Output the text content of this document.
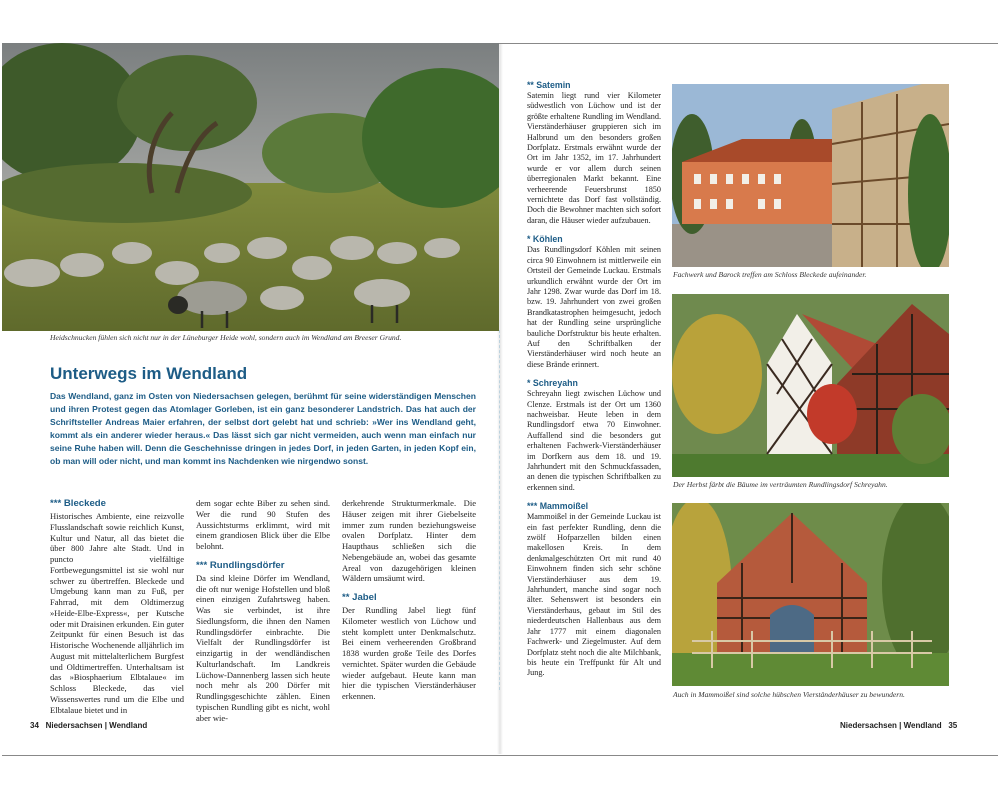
Heidschnucken fühlen sich nicht nur in der Lüneburger Heide wohl, sondern auch im Wendland am Breeser Grund.
Unterwegs im Wendland

Das Wendland, ganz im Osten von Niedersachsen gelegen, berühmt für seine widerständigen Menschen und ihren Protest gegen das Atomlager Gorleben, ist ein ganz besonderer Landstrich. Das hat auch der Schriftsteller Andreas Maier erfahren, der selbst dort gelebt hat und schrieb: »Wer ins Wendland geht, kommt als ein anderer wieder heraus.« Das lässt sich gar nicht vermeiden, auch wenn man einfach nur seine Ruhe haben will. Denn die Geschehnisse dringen in jedes Dorf, in jeden Garten, in jeden Kopf ein, ob man will oder nicht, und man kommt ins Nachdenken wie nirgendwo sonst.

*** Bleckede

Historisches Ambiente, eine reizvolle Flusslandschaft sowie reichlich Kunst, Kultur und Natur, all das bietet die über 800 Jahre alte Stadt. Und in puncto vielfältige Fortbewegungsmittel ist sie wohl nur schwer zu übertreffen. Bleckede und Umgebung kann man zu Fuß, per Fahrrad, mit dem Oldtimerzug »Heide-Elbe-Express«, per Kutsche oder mit Draisinen erkunden. Ein guter Zeitpunkt für einen Besuch ist das Historische Wochenende alljährlich im August mit mittelalterlichem Burgfest und Oldtimertreffen. Unterhaltsam ist das »Biosphaerium Elbtalaue« im Schloss Bleckede, das viel Wissenswertes rund um die Elbe und Elbtalaue bietet und in

dem sogar echte Biber zu sehen sind. Wer die rund 90 Stufen des Aussichtsturms erklimmt, wird mit einem grandiosen Blick über die Elbe belohnt.

*** Rundlingsdörfer

Da sind kleine Dörfer im Wendland, die oft nur wenige Hofstellen und bloß einen einzigen Zufahrtsweg haben. Was sie verbindet, ist ihre Siedlungsform, die ihnen den Namen Rundlingsdörfer einbrachte. Die Vielfalt der Rundlingsdörfer ist einzigartig in der wendländischen Kulturlandschaft. Im Landkreis Lüchow-Dannenberg lassen sich heute noch mehr als 200 Dörfer mit Rundlingsgeschichte zählen. Einen typischen Rundling gibt es nicht, wohl aber wie-

derkehrende Strukturmerkmale. Die Häuser zeigen mit ihrer Giebelseite immer zum runden beziehungsweise ovalen Dorfplatz. Hinter dem Haupthaus schließen sich die Nebengebäude an, wobei das gesamte Areal von dazugehörigen kleinen Wäldern umsäumt wird.

** Jabel

Der Rundling Jabel liegt fünf Kilometer westlich von Lüchow und steht komplett unter Denkmalschutz. Bei einem verheerenden Großbrand 1838 wurden große Teile des Dorfes vernichtet. Später wurden die Gebäude wieder aufgebaut. Heute kann man hier die typischen Vierständerhäuser erkennen.

34 Niedersachsen | Wendland
** Satemin

Satemin liegt rund vier Kilometer südwestlich von Lüchow und ist der größte erhaltene Rundling im Wendland. Vierständerhäuser gruppieren sich im Halbrund um den besonders großen Dorfplatz. Erstmals erwähnt wurde der Ort im Jahr 1352, im 17. Jahrhundert wurde er vor allem durch seinen überregionalen Markt bekannt. Eine verheerende Feuersbrunst 1850 vernichtete das Dorf fast vollständig. Doch die Bewohner machten sich sofort daran, die Häuser wieder aufzubauen.

* Köhlen

Das Rundlingsdorf Köhlen mit seinen circa 90 Einwohnern ist mittlerweile ein Ortsteil der Gemeinde Luckau. Erstmals urkundlich erwähnt wurde der Ort im Jahr 1298. Zwar wurde das Dorf im 18. bzw. 19. Jahrhundert von zwei großen Brandkatastrophen heimgesucht, jedoch hat der Rundling seine ursprüngliche bauliche Dorfstruktur bis heute erhalten. Auf den Schriftbalken der Vierständerhäuser wird noch heute an diese Brände erinnert.

* Schreyahn

Schreyahn liegt zwischen Lüchow und Clenze. Erstmals ist der Ort um 1360 nachweisbar. Heute leben in dem Rundlingsdorf etwa 70 Einwohner. Auffallend sind die besonders gut erhaltenen Fachwerk-Vierständerhäuser im Dorfkern aus dem 18. und 19. Jahrhundert mit den Schmuckfassaden, an denen die typischen Schriftbalken zu erkennen sind.

*** Mammoißel

Mammoißel in der Gemeinde Luckau ist ein fast perfekter Rundling, denn die zwölf Hofparzellen bilden einen makellosen Kreis. In dem denkmalgeschützten Ort mit rund 40 Einwohnern finden sich sehr schöne Vierständerhäuser aus dem 19. Jahrhundert, manche sind sogar noch älter. Sehenswert ist besonders ein Vierständerhaus, gebaut im Stil des niederdeutschen Hallenbaus aus dem Jahr 1777 mit einem diagonalen Fachwerk- und Ziegelmuster. Auf dem Dorfplatz steht noch die alte Milchbank, bis heute ein Treffpunkt für Alt und Jung.

Fachwerk und Barock treffen am Schloss Bleckede aufeinander.
Der Herbst färbt die Bäume im verträumten Rundlingsdorf Schreyahn.
Auch in Mammoißel sind solche hübschen Vierständerhäuser zu bewundern.
Niedersachsen | Wendland 35
